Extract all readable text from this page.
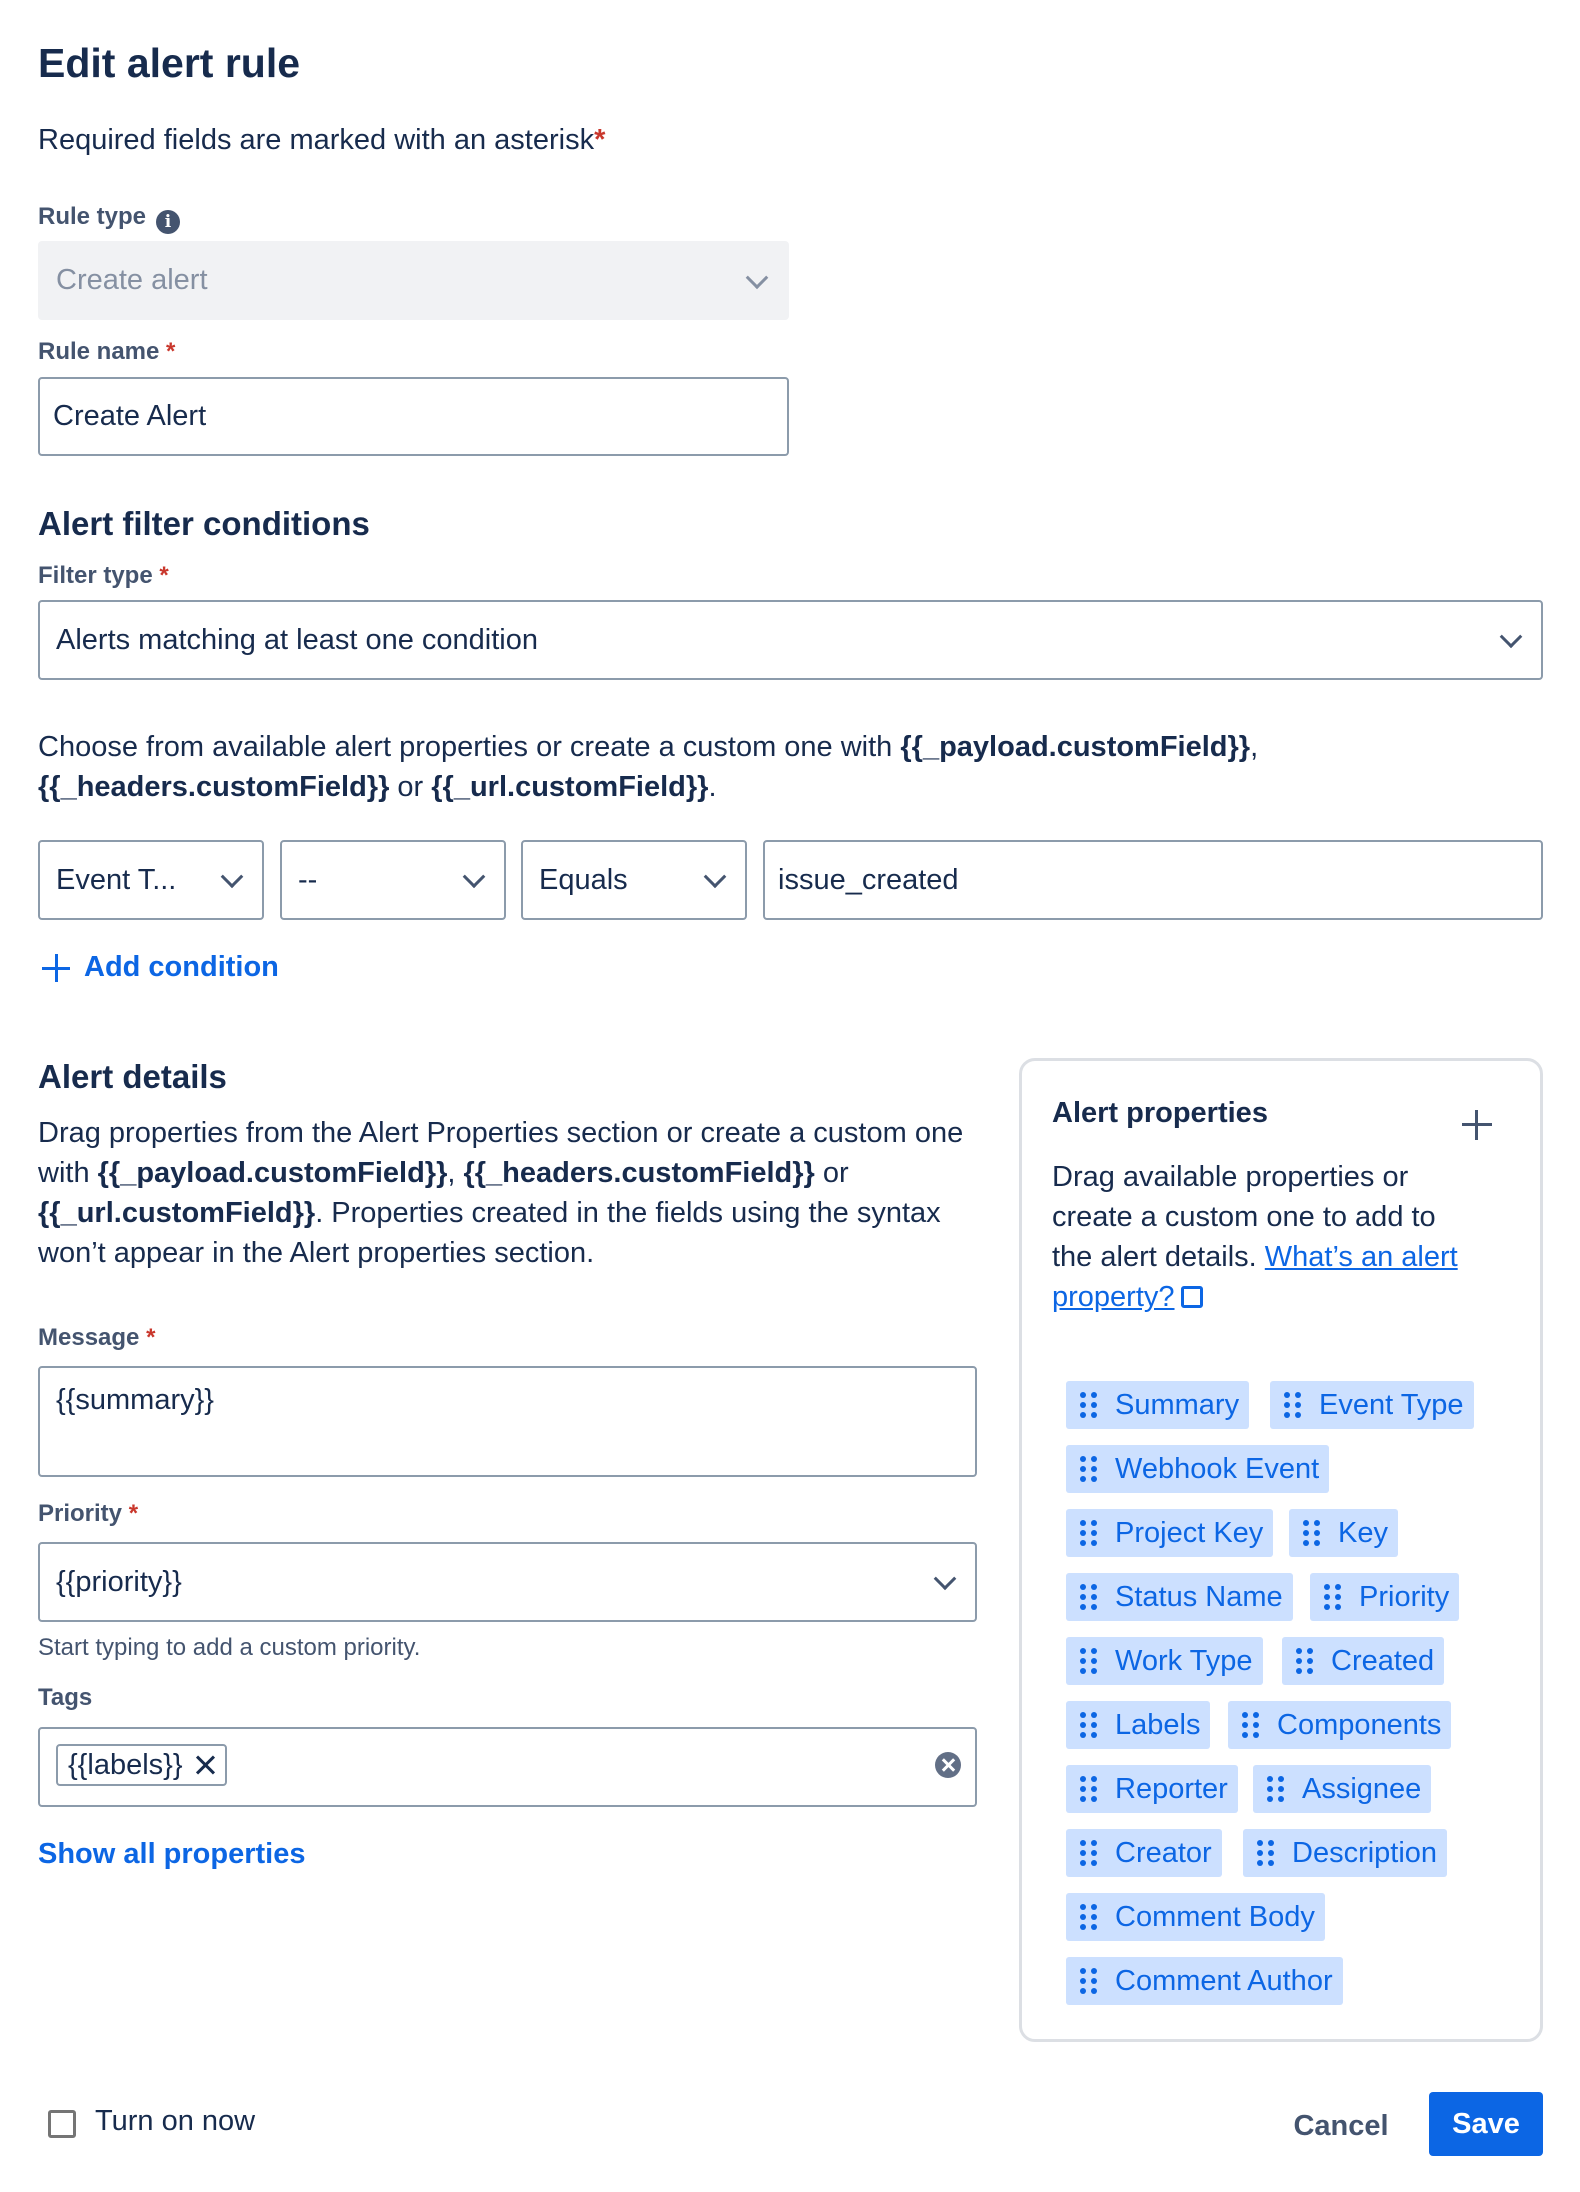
Edit alert rule
Required fields are marked with an asterisk*
Rule type i
Create alert
Rule name *
Create Alert
Alert filter conditions
Filter type *
Alerts matching at least one condition
Choose from available alert properties or create a custom one with {{_payload.customField}},
{{_headers.customField}} or {{_url.customField}}.
Event T...	--	Equals	issue_created
Add condition
Alert details
Drag properties from the Alert Properties section or create a custom one with {{_payload.customField}}, {{_headers.customField}} or {{_url.customField}}. Properties created in the fields using the syntax won’t appear in the Alert properties section.
Message *
{{summary}}
Priority *
{{priority}}
Start typing to add a custom priority.
Tags
{{labels}}
Show all properties
Alert properties
Drag available properties or create a custom one to add to the alert details. What’s an alert property?
Summary	Event Type
Webhook Event
Project Key	Key
Status Name	Priority
Work Type	Created
Labels	Components
Reporter	Assignee
Creator	Description
Comment Body
Comment Author
Turn on now	Cancel	Save
